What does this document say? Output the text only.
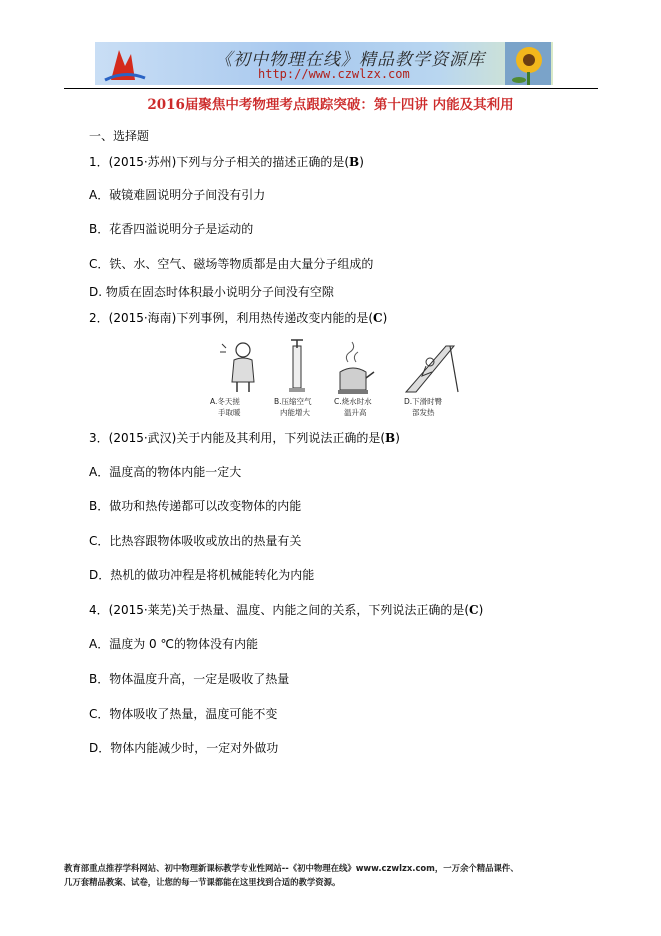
《初中物理在线》精品教学资源库
http://www.czwlzx.com
2016届聚焦中考物理考点跟踪突破：第十四讲 内能及其利用
一、选择题
1．(2015·苏州)下列与分子相关的描述正确的是(B)
A．破镜难圆说明分子间没有引力
B．花香四溢说明分子是运动的
C．铁、水、空气、磁场等物质都是由大量分子组成的
D. 物质在固态时体积最小说明分子间没有空隙
2．(2015·海南)下列事例，利用热传递改变内能的是(C)
A.冬天搓
手取暖
B.压缩空气
内能增大
C.烧水时水
温升高
D.下滑时臀
部发热
3．(2015·武汉)关于内能及其利用，下列说法正确的是(B)
A．温度高的物体内能一定大
B．做功和热传递都可以改变物体的内能
C．比热容跟物体吸收或放出的热量有关
D．热机的做功冲程是将机械能转化为内能
4．(2015·莱芜)关于热量、温度、内能之间的关系，下列说法正确的是(C)
A．温度为 0 ℃的物体没有内能
B．物体温度升高，一定是吸收了热量
C．物体吸收了热量，温度可能不变
D．物体内能减少时，一定对外做功
教育部重点推荐学科网站、初中物理新课标教学专业性网站--《初中物理在线》www.czwlzx.com，一万余个精品课件、
几万套精品教案、试卷，让您的每一节课都能在这里找到合适的教学资源。
